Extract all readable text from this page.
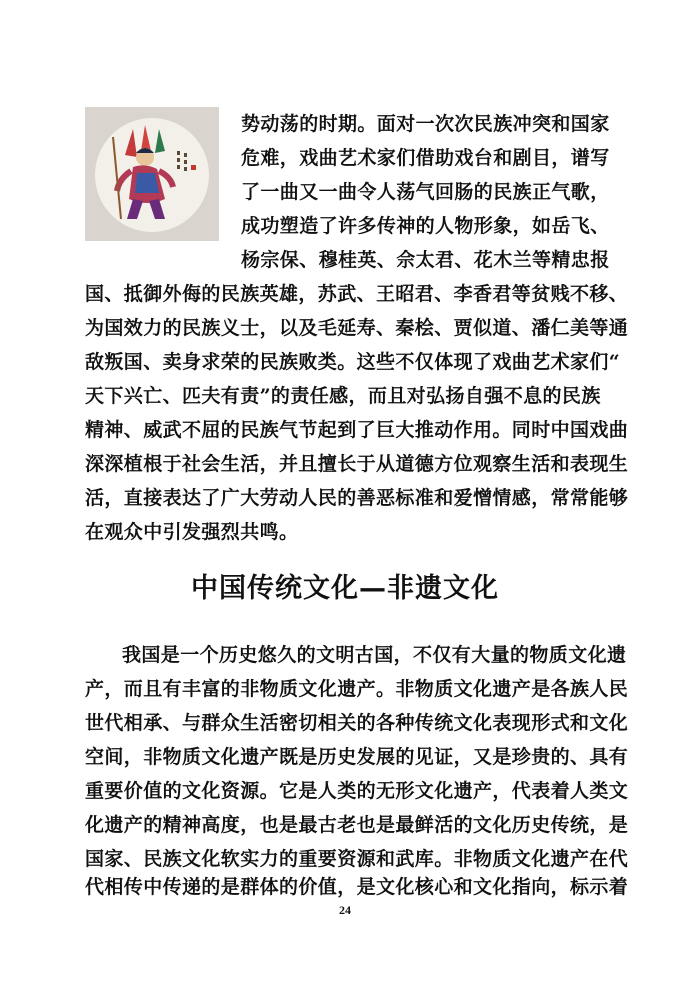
势动荡的时期。面对一次次民族冲突和国家
危难，戏曲艺术家们借助戏台和剧目，谱写
了一曲又一曲令人荡气回肠的民族正气歌，
成功塑造了许多传神的人物形象，如岳飞、
杨宗保、穆桂英、佘太君、花木兰等精忠报
国、抵御外侮的民族英雄，苏武、王昭君、李香君等贫贱不移、
为国效力的民族义士，以及毛延寿、秦桧、贾似道、潘仁美等通
敌叛国、卖身求荣的民族败类。这些不仅体现了戏曲艺术家们“
天下兴亡、匹夫有责”的责任感，而且对弘扬自强不息的民族
精神、威武不屈的民族气节起到了巨大推动作用。同时中国戏曲
深深植根于社会生活，并且擅长于从道德方位观察生活和表现生
活，直接表达了广大劳动人民的善恶标准和爱憎情感，常常能够
在观众中引发强烈共鸣。
中国传统文化—非遗文化
我国是一个历史悠久的文明古国，不仅有大量的物质文化遗
产，而且有丰富的非物质文化遗产。非物质文化遗产是各族人民
世代相承、与群众生活密切相关的各种传统文化表现形式和文化
空间，非物质文化遗产既是历史发展的见证，又是珍贵的、具有
重要价值的文化资源。它是人类的无形文化遗产，代表着人类文
化遗产的精神高度，也是最古老也是最鲜活的文化历史传统，是
国家、民族文化软实力的重要资源和武库。非物质文化遗产在代
代相传中传递的是群体的价值，是文化核心和文化指向，标示着
24
